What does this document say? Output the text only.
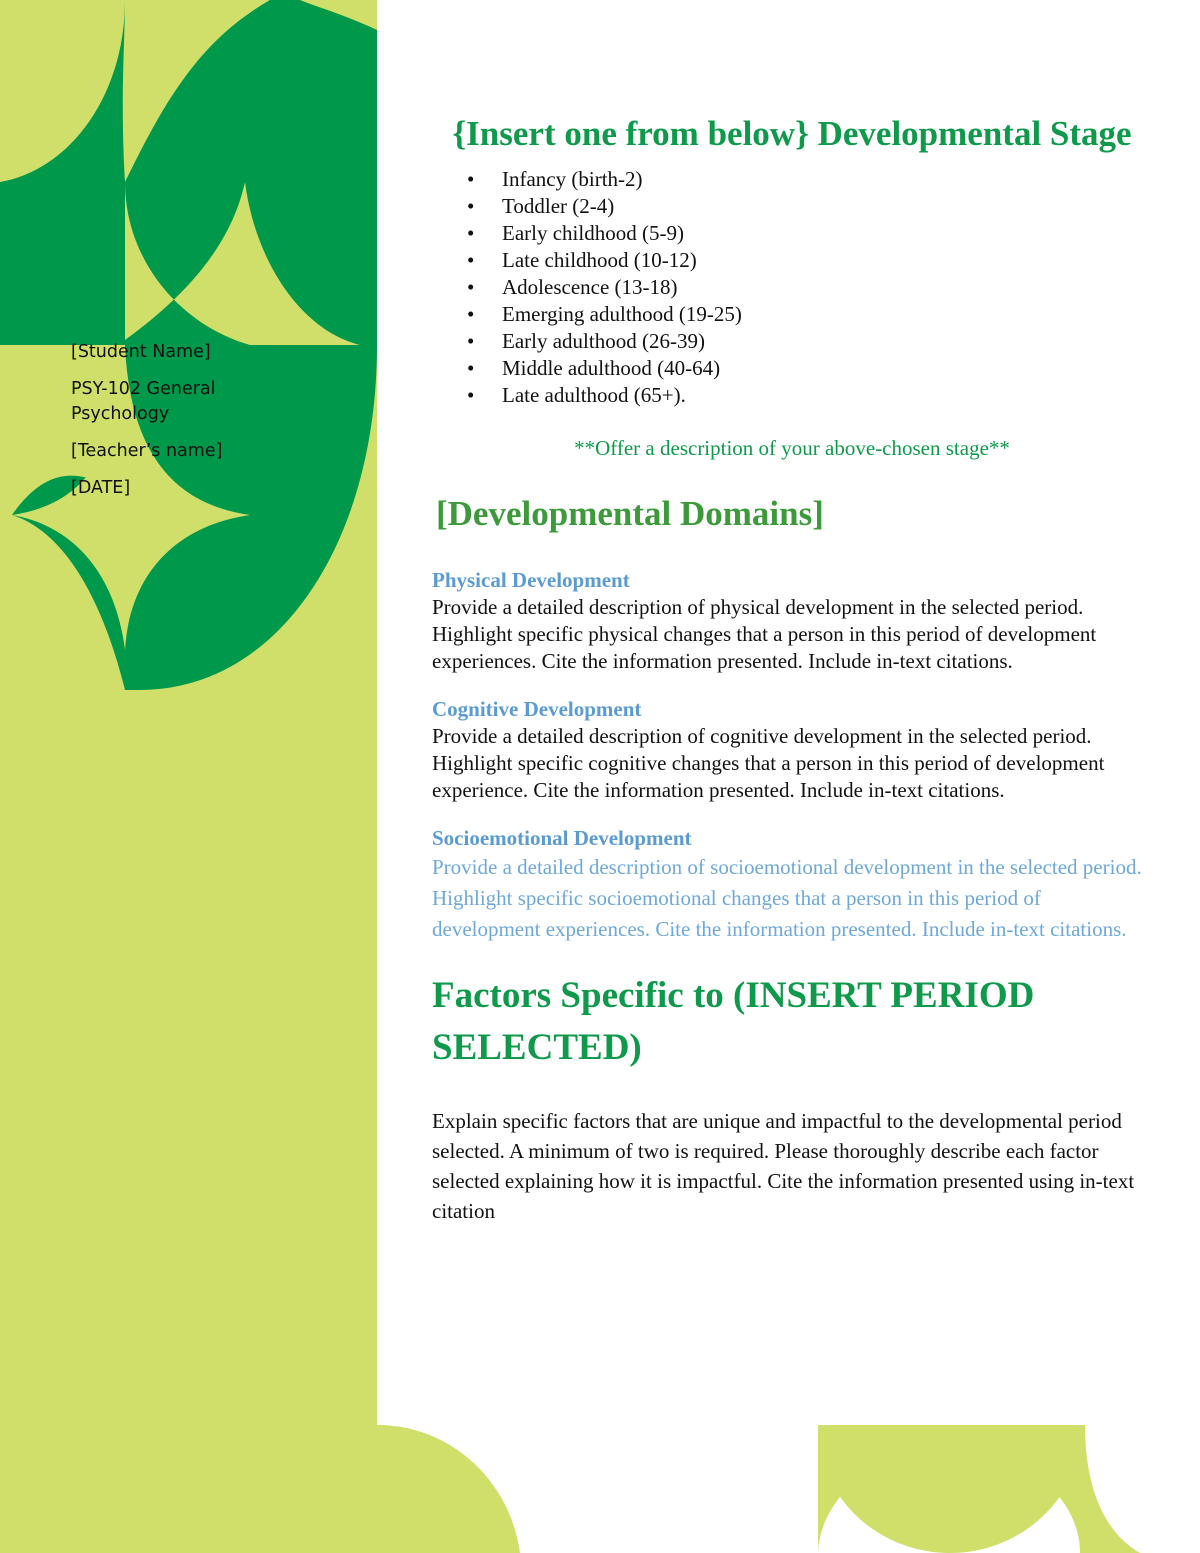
[Student Name]
PSY-102 General Psychology
[Teacher’s name]
[DATE]
{Insert one from below} Developmental Stage
• Infancy (birth-2)
• Toddler (2-4)
• Early childhood (5-9)
• Late childhood (10-12)
• Adolescence (13-18)
• Emerging adulthood (19-25)
• Early adulthood (26-39)
• Middle adulthood (40-64)
• Late adulthood (65+).

**Offer a description of your above-chosen stage**

[Developmental Domains]
Physical Development

Provide a detailed description of physical development in the selected period. Highlight specific physical changes that a person in this period of development experiences. Cite the information presented. Include in-text citations.

Cognitive Development

Provide a detailed description of cognitive development in the selected period. Highlight specific cognitive changes that a person in this period of development experience. Cite the information presented. Include in-text citations.

Socioemotional Development

Provide a detailed description of socioemotional development in the selected period. Highlight specific socioemotional changes that a person in this period of development experiences. Cite the information presented. Include in-text citations.

Factors Specific to (INSERT PERIOD SELECTED)

Explain specific factors that are unique and impactful to the developmental period selected. A minimum of two is required. Please thoroughly describe each factor selected explaining how it is impactful. Cite the information presented using in-text citation
